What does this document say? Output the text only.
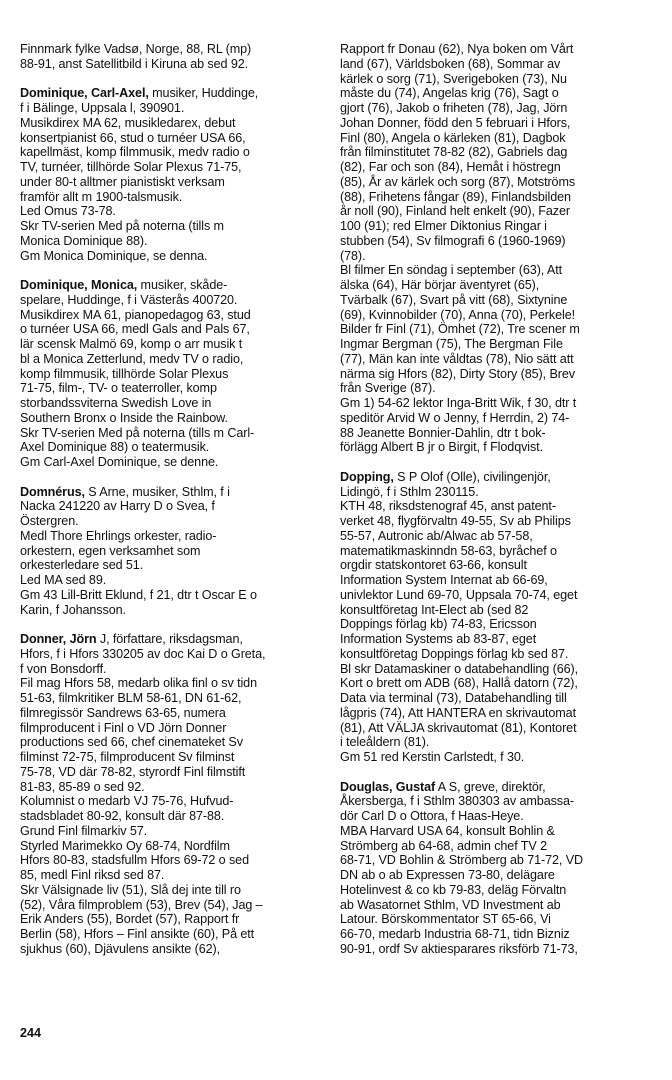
Finnmark fylke Vadsø, Norge, 88, RL (mp)
88-91, anst Satellitbild i Kiruna ab sed 92.
Dominique, Carl-Axel, musiker, Huddinge,
f i Bälinge, Uppsala l, 390901.
Musikdirex MA 62, musikledarex, debut
konsertpianist 66, stud o turnéer USA 66,
kapellmäst, komp filmmusik, medv radio o
TV, turnéer, tillhörde Solar Plexus 71-75,
under 80-t alltmer pianistiskt verksam
framför allt m 1900-talsmusik.
Led Omus 73-78.
Skr TV-serien Med på noterna (tills m
Monica Dominique 88).
Gm Monica Dominique, se denna.
Dominique, Monica, musiker, skåde-
spelare, Huddinge, f i Västerås 400720.
Musikdirex MA 61, pianopedagog 63, stud
o turnéer USA 66, medl Gals and Pals 67,
lär scensk Malmö 69, komp o arr musik t
bl a Monica Zetterlund, medv TV o radio,
komp filmmusik, tillhörde Solar Plexus
71-75, film-, TV- o teaterroller, komp
storbandssviterna Swedish Love in
Southern Bronx o Inside the Rainbow.
Skr TV-serien Med på noterna (tills m Carl-
Axel Dominique 88) o teatermusik.
Gm Carl-Axel Dominique, se denne.
Domnérus, S Arne, musiker, Sthlm, f i
Nacka 241220 av Harry D o Svea, f
Östergren.
Medl Thore Ehrlings orkester, radio-
orkestern, egen verksamhet som
orkesterledare sed 51.
Led MA sed 89.
Gm 43 Lill-Britt Eklund, f 21, dtr t Oscar E o
Karin, f Johansson.
Donner, Jörn J, författare, riksdagsman,
Hfors, f i Hfors 330205 av doc Kai D o Greta,
f von Bonsdorff.
Fil mag Hfors 58, medarb olika finl o sv tidn
51-63, filmkritiker BLM 58-61, DN 61-62,
filmregissör Sandrews 63-65, numera
filmproducent i Finl o VD Jörn Donner
productions sed 66, chef cinemateket Sv
filminst 72-75, filmproducent Sv filminst
75-78, VD där 78-82, styrordf Finl filmstift
81-83, 85-89 o sed 92.
Kolumnist o medarb VJ 75-76, Hufvud-
stadsbladet 80-92, konsult där 87-88.
Grund Finl filmarkiv 57.
Styrled Marimekko Oy 68-74, Nordfilm
Hfors 80-83, stadsfullm Hfors 69-72 o sed
85, medl Finl riksd sed 87.
Skr Välsignade liv (51), Slå dej inte till ro
(52), Våra filmproblem (53), Brev (54), Jag –
Erik Anders (55), Bordet (57), Rapport fr
Berlin (58), Hfors – Finl ansikte (60), På ett
sjukhus (60), Djävulens ansikte (62),
Rapport fr Donau (62), Nya boken om Vårt
land (67), Världsboken (68), Sommar av
kärlek o sorg (71), Sverigeboken (73), Nu
måste du (74), Angelas krig (76), Sagt o
gjort (76), Jakob o friheten (78), Jag, Jörn
Johan Donner, född den 5 februari i Hfors,
Finl (80), Angela o kärleken (81), Dagbok
från filminstitutet 78-82 (82), Gabriels dag
(82), Far och son (84), Hemåt i höstregn
(85), År av kärlek och sorg (87), Motströms
(88), Frihetens fångar (89), Finlandsbilden
år noll (90), Finland helt enkelt (90), Fazer
100 (91); red Elmer Diktonius Ringar i
stubben (54), Sv filmografi 6 (1960-1969)
(78).
Bl filmer En söndag i september (63), Att
älska (64), Här börjar äventyret (65),
Tvärbalk (67), Svart på vitt (68), Sixtynine
(69), Kvinnobilder (70), Anna (70), Perkele!
Bilder fr Finl (71), Ömhet (72), Tre scener m
Ingmar Bergman (75), The Bergman File
(77), Män kan inte våldtas (78), Nio sätt att
närma sig Hfors (82), Dirty Story (85), Brev
från Sverige (87).
Gm 1) 54-62 lektor Inga-Britt Wik, f 30, dtr t
speditör Arvid W o Jenny, f Herrdin, 2) 74-
88 Jeanette Bonnier-Dahlin, dtr t bok-
förlägg Albert B jr o Birgit, f Flodqvist.
Dopping, S P Olof (Olle), civilingenjör,
Lidingö, f i Sthlm 230115.
KTH 48, riksdstenograf 45, anst patent-
verket 48, flygförvaltn 49-55, Sv ab Philips
55-57, Autronic ab/Alwac ab 57-58,
matematikmaskinndn 58-63, byråchef o
orgdir statskontoret 63-66, konsult
Information System Internat ab 66-69,
univlektor Lund 69-70, Uppsala 70-74, eget
konsultföretag Int-Elect ab (sed 82
Doppings förlag kb) 74-83, Ericsson
Information Systems ab 83-87, eget
konsultföretag Doppings förlag kb sed 87.
Bl skr Datamaskiner o databehandling (66),
Kort o brett om ADB (68), Hallå datorn (72),
Data via terminal (73), Databehandling till
lågpris (74), Att HANTERA en skrivautomat
(81), Att VÄLJA skrivautomat (81), Kontoret
i teleåldern (81).
Gm 51 red Kerstin Carlstedt, f 30.
Douglas, Gustaf A S, greve, direktör,
Åkersberga, f i Sthlm 380303 av ambassa-
dör Carl D o Ottora, f Haas-Heye.
MBA Harvard USA 64, konsult Bohlin &
Strömberg ab 64-68, admin chef TV 2
68-71, VD Bohlin & Strömberg ab 71-72, VD
DN ab o ab Expressen 73-80, delägare
Hotelinvest & co kb 79-83, deläg Förvaltn
ab Wasatornet Sthlm, VD Investment ab
Latour. Börskommentator ST 65-66, Vi
66-70, medarb Industria 68-71, tidn Bizniz
90-91, ordf Sv aktiesparares riksförb 71-73,
244
